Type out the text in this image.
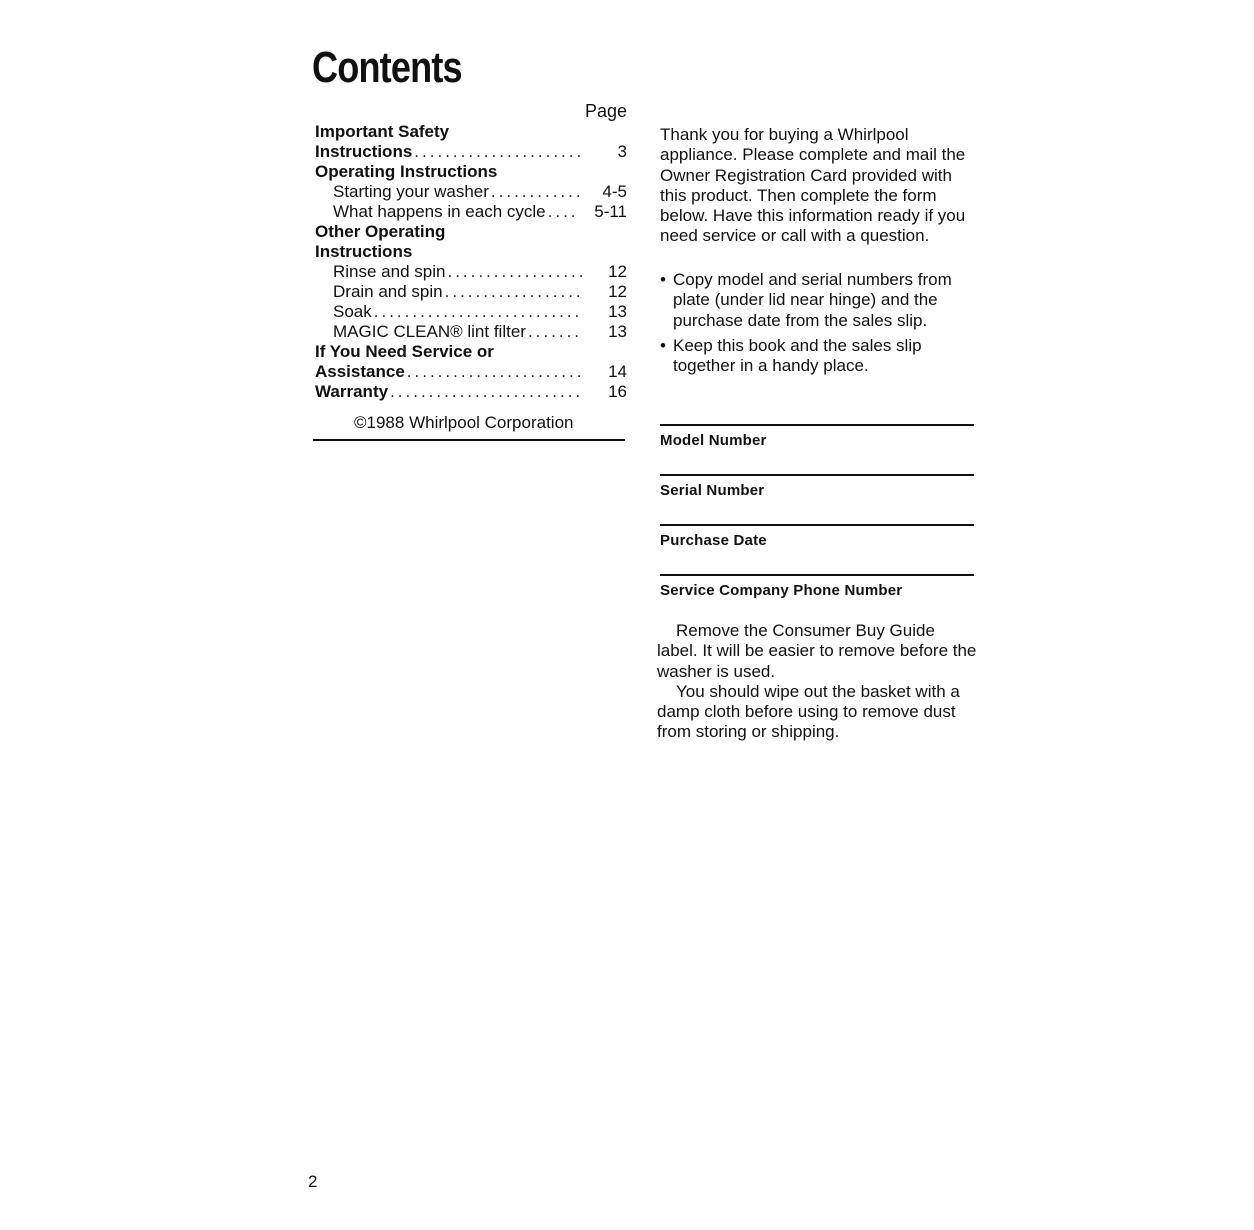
Contents
Page
Important Safety
Instructions .....	3
Operating Instructions
Starting your washer .....	4-5
What happens in each cycle .....	5-11
Other Operating
Instructions
Rinse and spin .....	12
Drain and spin .....	12
Soak .....	13
MAGIC CLEAN® lint filter .....	13
If You Need Service or
Assistance .....	14
Warranty .....	16
©1988 Whirlpool Corporation
Thank you for buying a Whirlpool appliance. Please complete and mail the Owner Registration Card provided with this product. Then complete the form below. Have this information ready if you need service or call with a question.
• Copy model and serial numbers from plate (under lid near hinge) and the purchase date from the sales slip.
• Keep this book and the sales slip together in a handy place.
Model Number
Serial Number
Purchase Date
Service Company Phone Number

Remove the Consumer Buy Guide label. It will be easier to remove before the washer is used.

You should wipe out the basket with a damp cloth before using to remove dust from storing or shipping.

2
